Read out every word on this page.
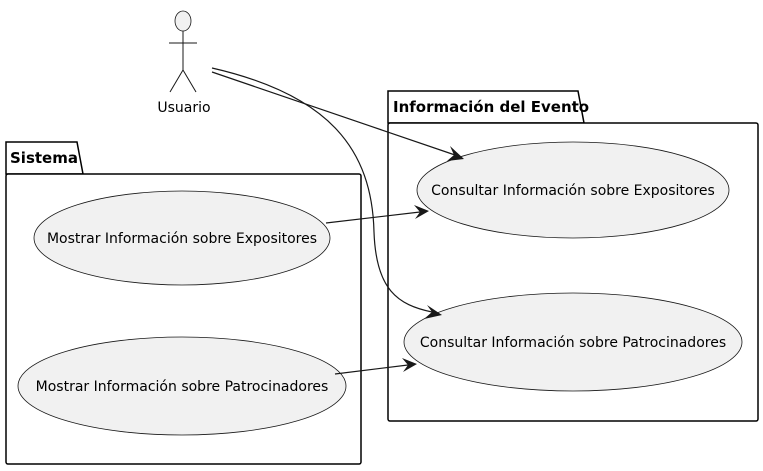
Sistema
Información del Evento
Usuario
Consultar Información sobre Expositores
Consultar Información sobre Patrocinadores
Mostrar Información sobre Expositores
Mostrar Información sobre Patrocinadores
